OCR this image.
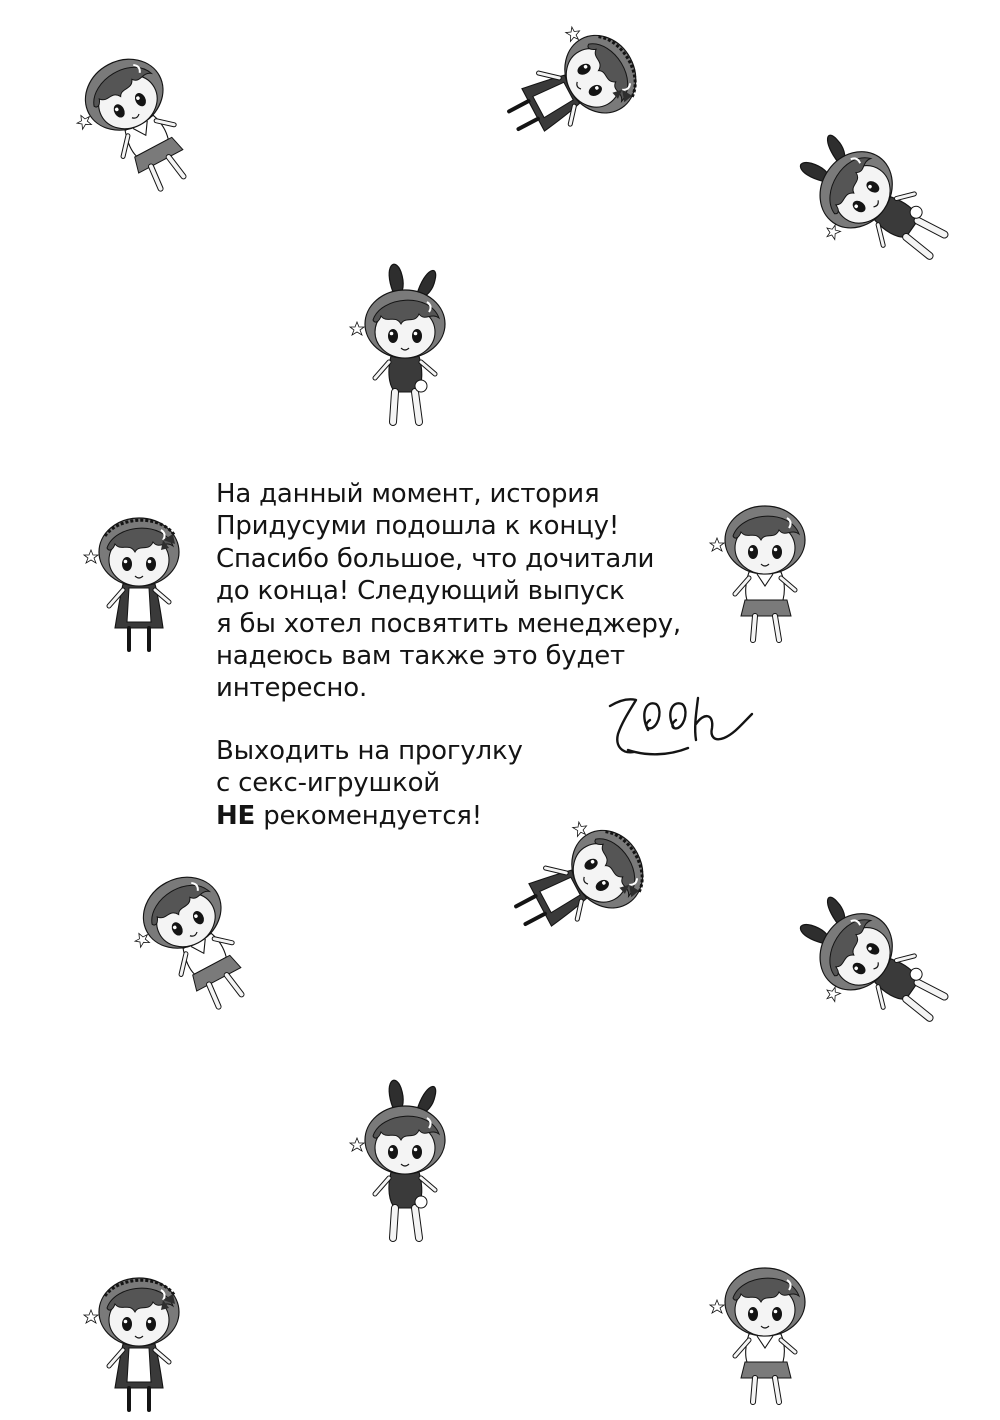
На данный момент, история
Придусуми подошла к концу!
Спасибо большое, что дочитали
до конца! Следующий выпуск
я бы хотел посвятить менеджеру,
надеюсь вам также это будет
интересно.
Выходить на прогулку
с секс-игрушкой
НЕ рекомендуется!
